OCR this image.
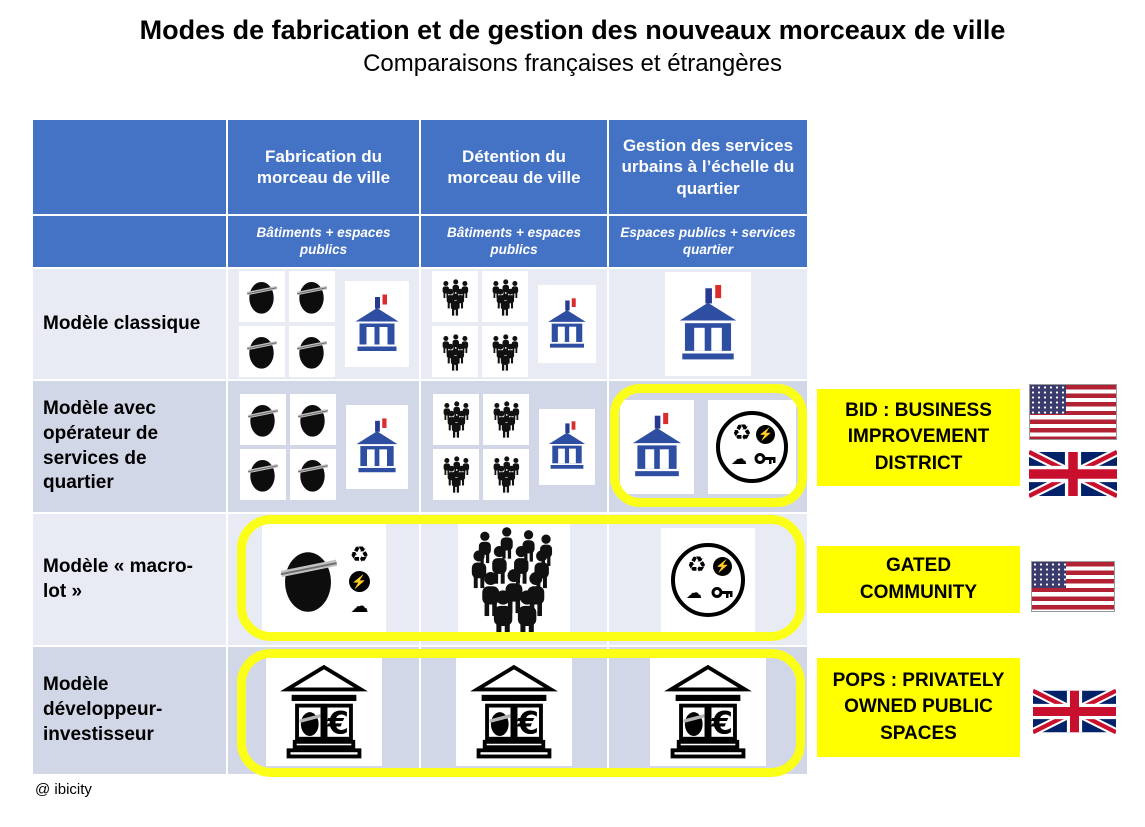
Modes de fabrication et de gestion des nouveaux morceaux de ville
Comparaisons françaises et étrangères
Fabrication du morceau de ville
Détention du morceau de ville
Gestion des services urbains à l’échelle du quartier
Bâtiments + espaces publics
Bâtiments + espaces publics
Espaces publics + services quartier
Modèle classique
Modèle avec opérateur de services de quartier
♻ ⚡
☁
Modèle « macro-lot »
♻
⚡
☁
♻ ⚡
☁
Modèle développeur-investisseur
BID : BUSINESS IMPROVEMENT DISTRICT
GATED COMMUNITY
POPS : PRIVATELY OWNED PUBLIC SPACES
@ ibicity
